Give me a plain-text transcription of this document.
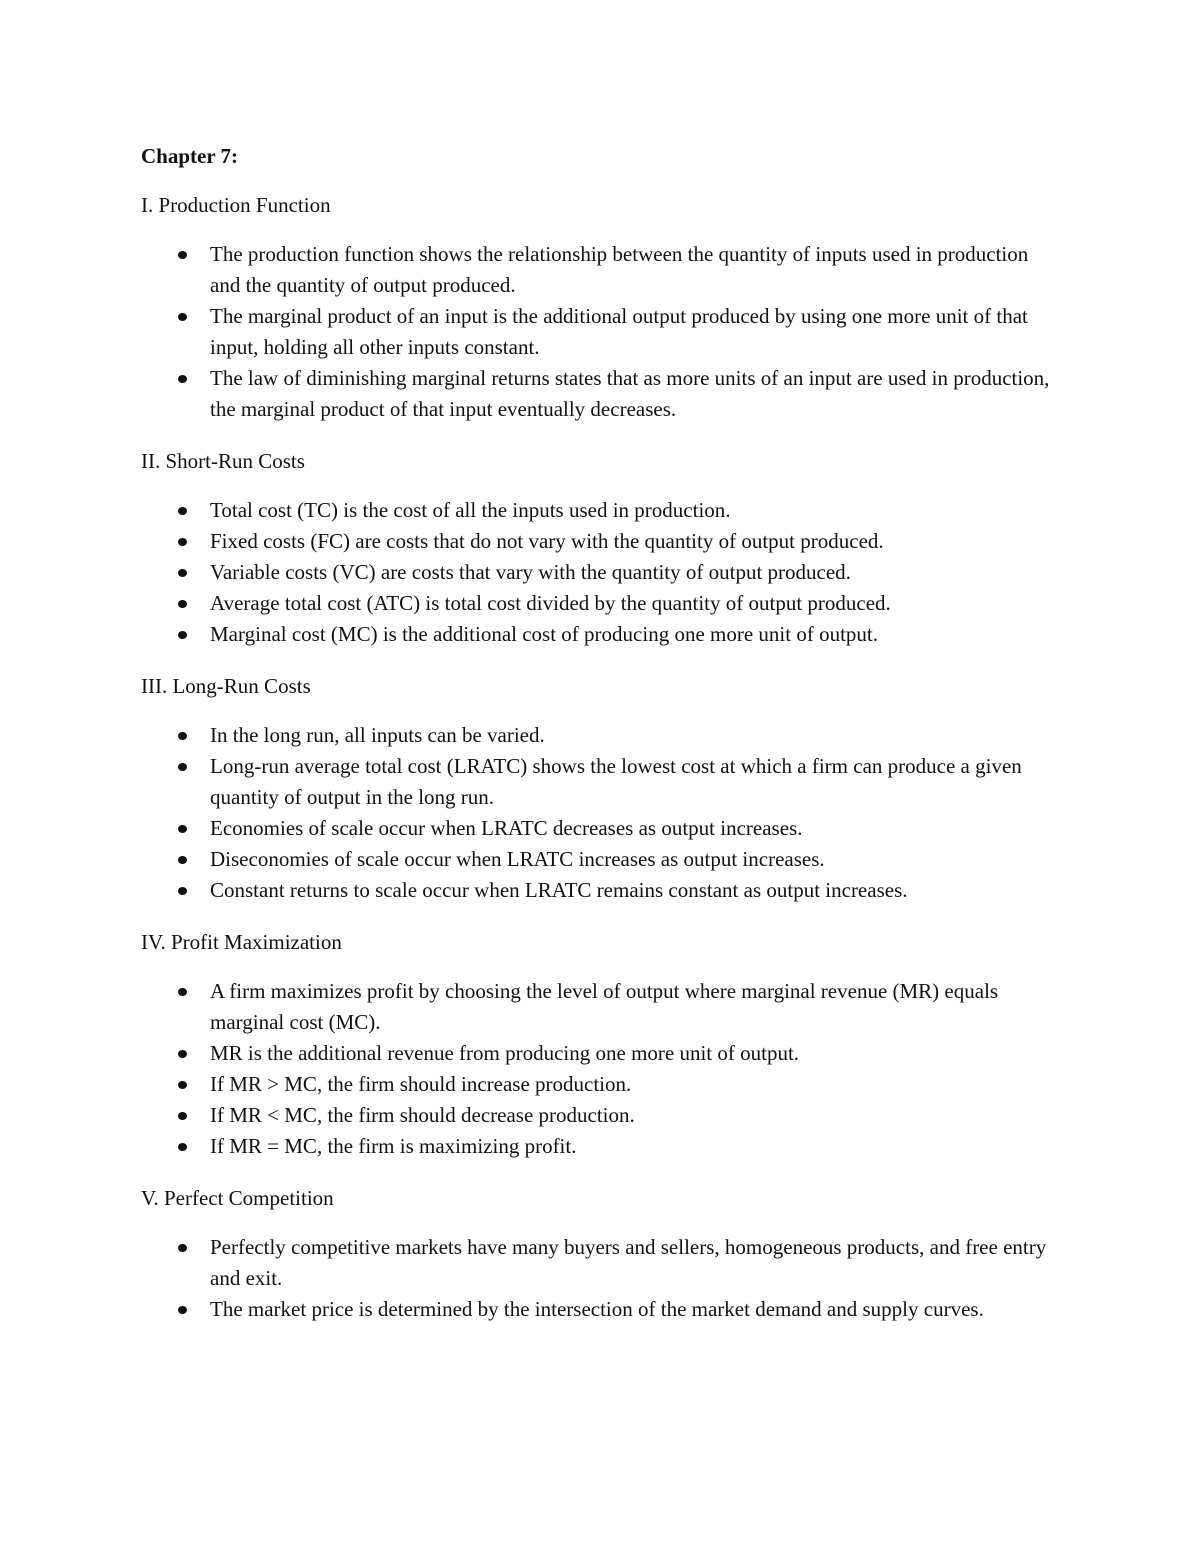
Chapter 7:
I. Production Function
The production function shows the relationship between the quantity of inputs used in production and the quantity of output produced.
The marginal product of an input is the additional output produced by using one more unit of that input, holding all other inputs constant.
The law of diminishing marginal returns states that as more units of an input are used in production, the marginal product of that input eventually decreases.
II. Short-Run Costs
Total cost (TC) is the cost of all the inputs used in production.
Fixed costs (FC) are costs that do not vary with the quantity of output produced.
Variable costs (VC) are costs that vary with the quantity of output produced.
Average total cost (ATC) is total cost divided by the quantity of output produced.
Marginal cost (MC) is the additional cost of producing one more unit of output.
III. Long-Run Costs
In the long run, all inputs can be varied.
Long-run average total cost (LRATC) shows the lowest cost at which a firm can produce a given quantity of output in the long run.
Economies of scale occur when LRATC decreases as output increases.
Diseconomies of scale occur when LRATC increases as output increases.
Constant returns to scale occur when LRATC remains constant as output increases.
IV. Profit Maximization
A firm maximizes profit by choosing the level of output where marginal revenue (MR) equals marginal cost (MC).
MR is the additional revenue from producing one more unit of output.
If MR > MC, the firm should increase production.
If MR < MC, the firm should decrease production.
If MR = MC, the firm is maximizing profit.
V. Perfect Competition
Perfectly competitive markets have many buyers and sellers, homogeneous products, and free entry and exit.
The market price is determined by the intersection of the market demand and supply curves.
